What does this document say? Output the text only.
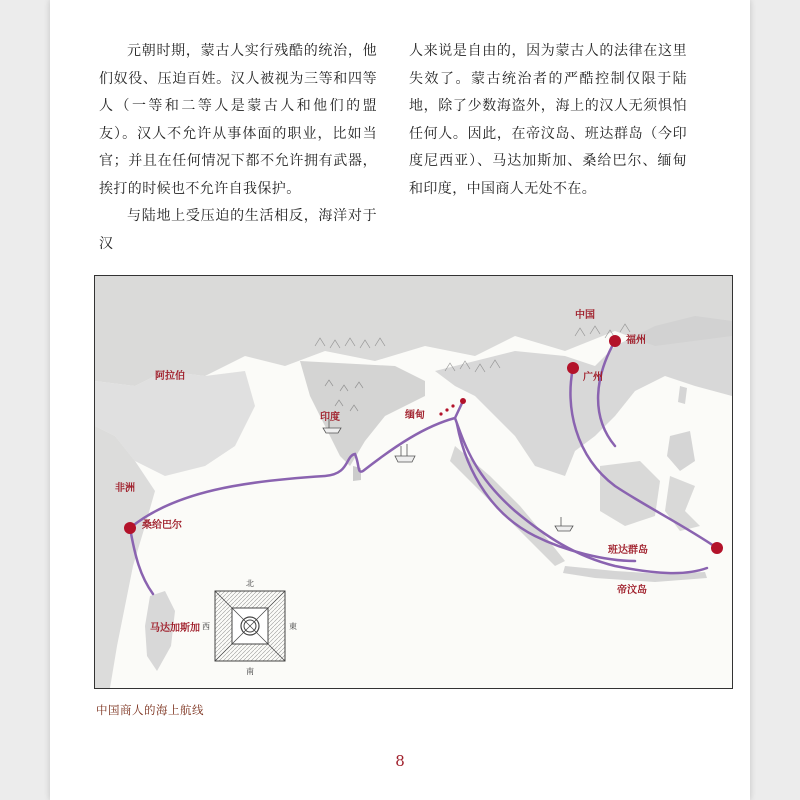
元朝时期，蒙古人实行残酷的统治，他们奴役、压迫百姓。汉人被视为三等和四等人（一等和二等人是蒙古人和他们的盟友）。汉人不允许从事体面的职业，比如当官；并且在任何情况下都不允许拥有武器，挨打的时候也不允许自我保护。

与陆地上受压迫的生活相反，海洋对于汉

人来说是自由的，因为蒙古人的法律在这里失效了。蒙古统治者的严酷控制仅限于陆地，除了少数海盗外，海上的汉人无须惧怕任何人。因此，在帝汶岛、班达群岛（今印度尼西亚）、马达加斯加、桑给巴尔、缅甸和印度，中国商人无处不在。

北
西	東
南
中国
福州
广州
阿拉伯
印度	缅甸
非洲
桑给巴尔
马达加斯加
班达群岛
帝汶岛
中国商人的海上航线
8
